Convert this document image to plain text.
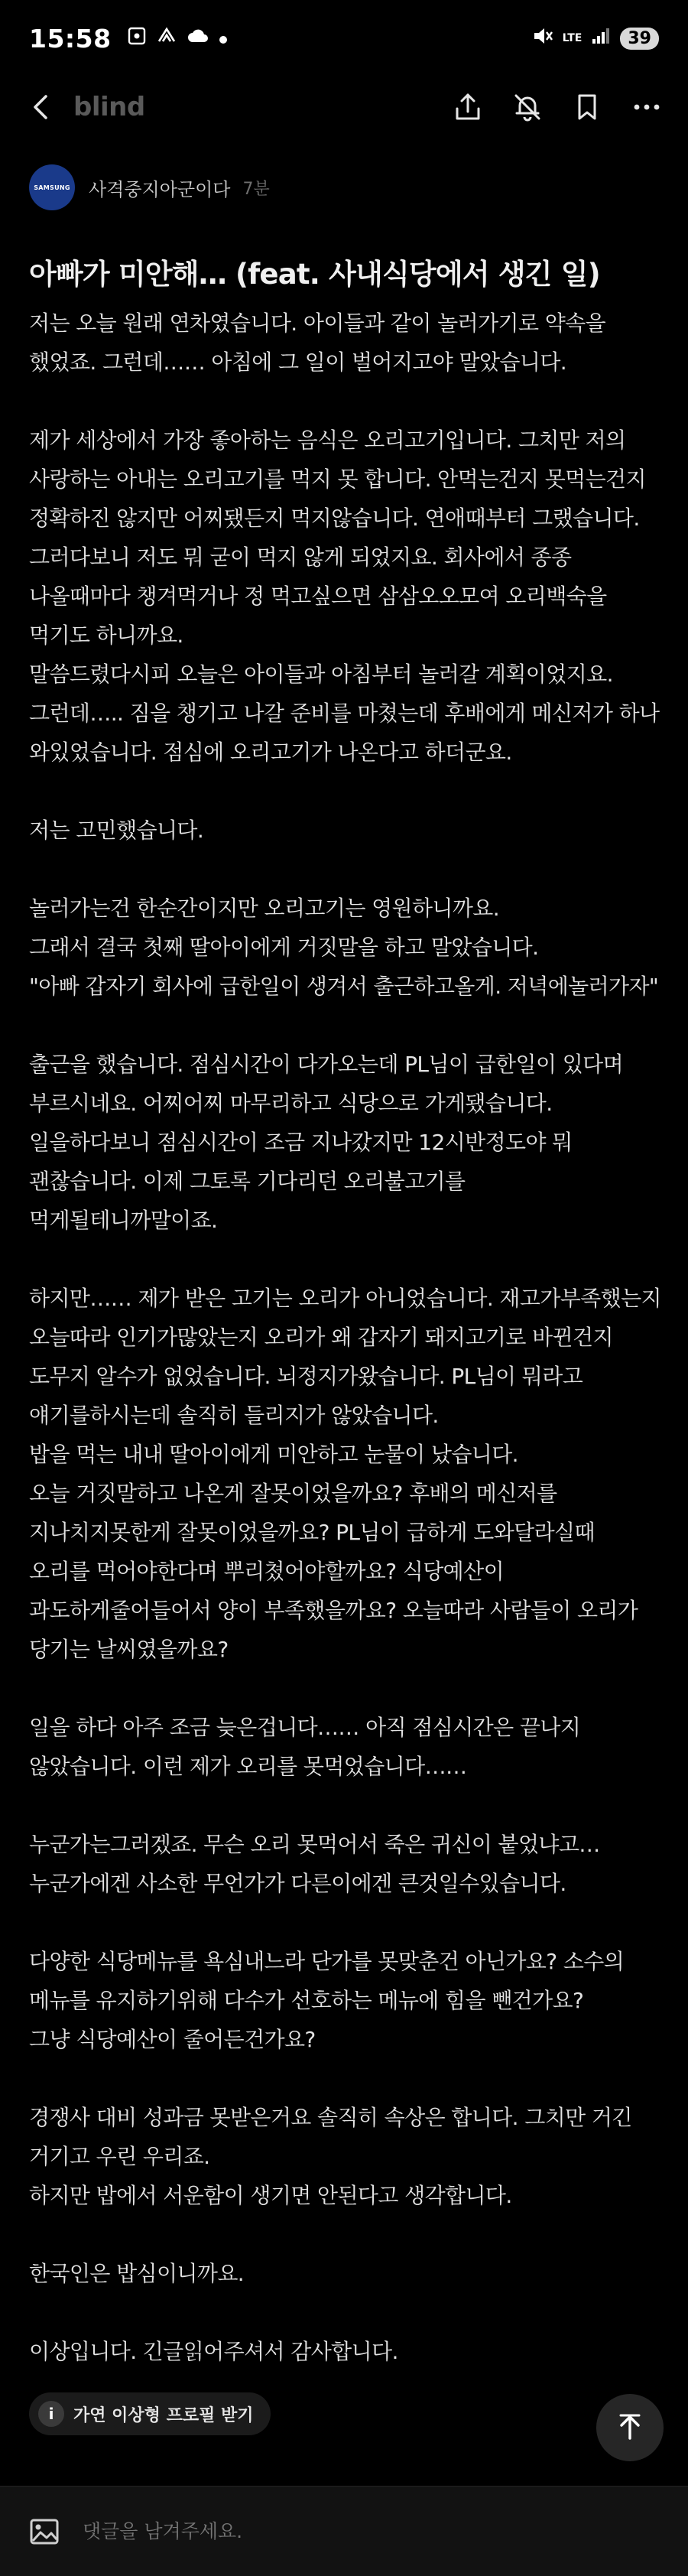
15:58	LTE	39
blind
SAMSUNG 사격중지아군이다 7분
아빠가 미안해… (feat. 사내식당에서 생긴 일)
저는 오늘 원래 연차였습니다. 아이들과 같이 놀러가기로 약속을
했었죠. 그런데…… 아침에 그 일이 벌어지고야 말았습니다.
제가 세상에서 가장 좋아하는 음식은 오리고기입니다. 그치만 저의
사랑하는 아내는 오리고기를 먹지 못 합니다. 안먹는건지 못먹는건지
정확하진 않지만 어찌됐든지 먹지않습니다. 연애때부터 그랬습니다.
그러다보니 저도 뭐 굳이 먹지 않게 되었지요. 회사에서 종종
나올때마다 챙겨먹거나 정 먹고싶으면 삼삼오오모여 오리백숙을
먹기도 하니까요.
말씀드렸다시피 오늘은 아이들과 아침부터 놀러갈 계획이었지요.
그런데….. 짐을 챙기고 나갈 준비를 마쳤는데 후배에게 메신저가 하나
와있었습니다. 점심에 오리고기가 나온다고 하더군요.
저는 고민했습니다.
놀러가는건 한순간이지만 오리고기는 영원하니까요.
그래서 결국 첫째 딸아이에게 거짓말을 하고 말았습니다.
"아빠 갑자기 회사에 급한일이 생겨서 출근하고올게. 저녁에놀러가자"
출근을 했습니다. 점심시간이 다가오는데 PL님이 급한일이 있다며
부르시네요. 어찌어찌 마무리하고 식당으로 가게됐습니다.
일을하다보니 점심시간이 조금 지나갔지만 12시반정도야 뭐
괜찮습니다. 이제 그토록 기다리던 오리불고기를
먹게될테니까말이죠.
하지만…… 제가 받은 고기는 오리가 아니었습니다. 재고가부족했는지
오늘따라 인기가많았는지 오리가 왜 갑자기 돼지고기로 바뀐건지
도무지 알수가 없었습니다. 뇌정지가왔습니다. PL님이 뭐라고
얘기를하시는데 솔직히 들리지가 않았습니다.
밥을 먹는 내내 딸아이에게 미안하고 눈물이 났습니다.
오늘 거짓말하고 나온게 잘못이었을까요? 후배의 메신저를
지나치지못한게 잘못이었을까요? PL님이 급하게 도와달라실때
오리를 먹어야한다며 뿌리쳤어야할까요? 식당예산이
과도하게줄어들어서 양이 부족했을까요? 오늘따라 사람들이 오리가
당기는 날씨였을까요?
일을 하다 아주 조금 늦은겁니다…… 아직 점심시간은 끝나지
않았습니다. 이런 제가 오리를 못먹었습니다……
누군가는그러겠죠. 무슨 오리 못먹어서 죽은 귀신이 붙었냐고…
누군가에겐 사소한 무언가가 다른이에겐 큰것일수있습니다.
다양한 식당메뉴를 욕심내느라 단가를 못맞춘건 아닌가요? 소수의
메뉴를 유지하기위해 다수가 선호하는 메뉴에 힘을 뺀건가요?
그냥 식당예산이 줄어든건가요?
경쟁사 대비 성과금 못받은거요 솔직히 속상은 합니다. 그치만 거긴
거기고 우린 우리죠.
하지만 밥에서 서운함이 생기면 안된다고 생각합니다.
한국인은 밥심이니까요.
이상입니다. 긴글읽어주셔서 감사합니다.
i	가연 이상형 프로필 받기
댓글을 남겨주세요.
